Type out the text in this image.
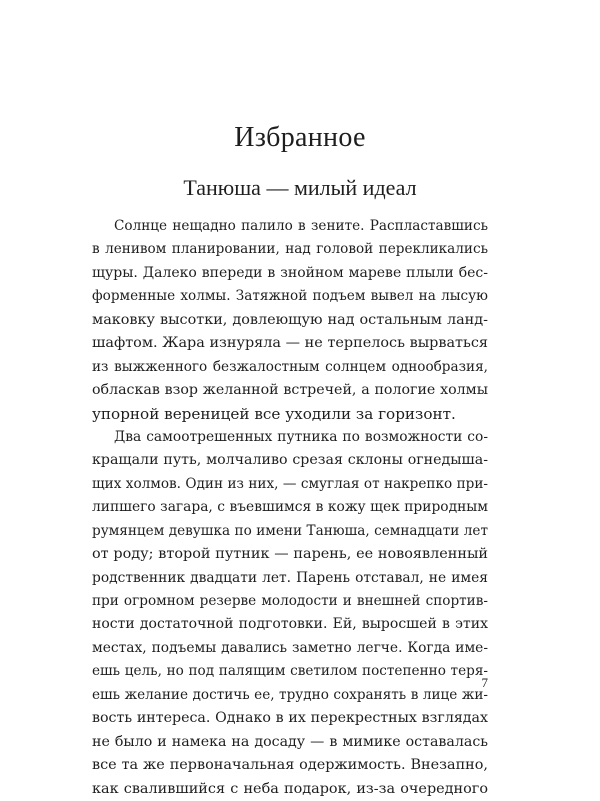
Избранное
Танюша — милый идеал
Солнце нещадно палило в зените. Распластавшись
в ленивом планировании, над головой перекликались
щуры. Далеко впереди в знойном мареве плыли бес-
форменные холмы. Затяжной подъем вывел на лысую
маковку высотки, довлеющую над остальным ланд-
шафтом. Жара изнуряла — не терпелось вырваться
из выжженного безжалостным солнцем однообразия,
обласкав взор желанной встречей, а пологие холмы
упорной вереницей все уходили за горизонт.
Два самоотрешенных путника по возможности со-
кращали путь, молчаливо срезая склоны огнедыша-
щих холмов. Один из них, — смуглая от накрепко при-
липшего загара, с въевшимся в кожу щек природным
румянцем девушка по имени Танюша, семнадцати лет
от роду; второй путник — парень, ее новоявленный
родственник двадцати лет. Парень отставал, не имея
при огромном резерве молодости и внешней спортив-
ности достаточной подготовки. Ей, выросшей в этих
местах, подъемы давались заметно легче. Когда име-
ешь цель, но под палящим светилом постепенно теря-
ешь желание достичь ее, трудно сохранять в лице жи-
вость интереса. Однако в их перекрестных взглядах
не было и намека на досаду — в мимике оставалась
все та же первоначальная одержимость. Внезапно,
как свалившийся с неба подарок, из-за очередного
7
